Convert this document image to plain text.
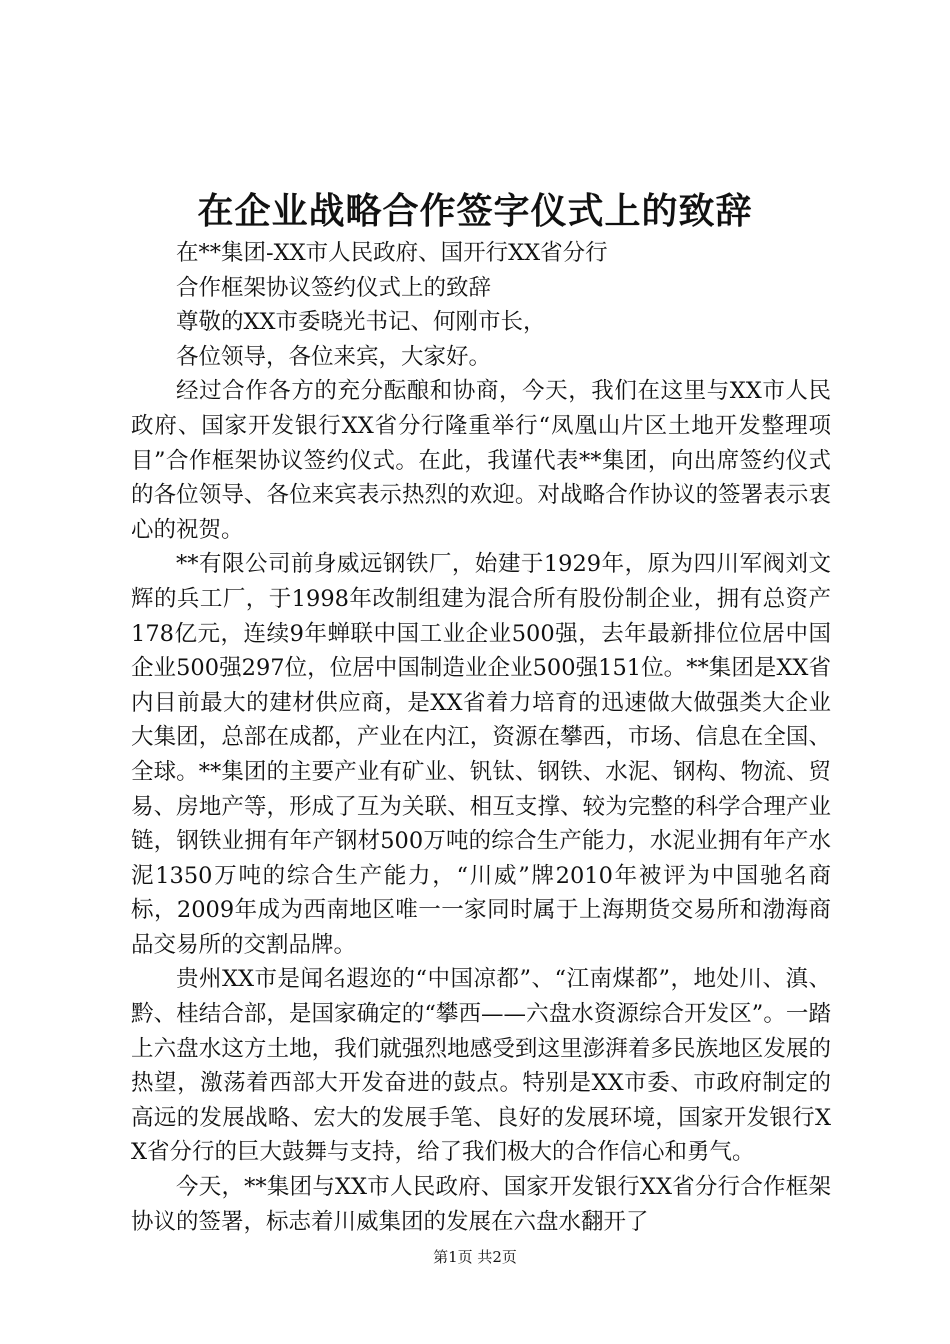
在企业战略合作签字仪式上的致辞

在**集团-XX市人民政府、国开行XX省分行

合作框架协议签约仪式上的致辞

尊敬的XX市委晓光书记、何刚市长，

各位领导，各位来宾，大家好。

经过合作各方的充分酝酿和协商，今天，我们在这里与XX市人民政府、国家开发银行XX省分行隆重举行“凤凰山片区土地开发整理项目”合作框架协议签约仪式。在此，我谨代表**集团，向出席签约仪式的各位领导、各位来宾表示热烈的欢迎。对战略合作协议的签署表示衷心的祝贺。

**有限公司前身威远钢铁厂，始建于1929年，原为四川军阀刘文辉的兵工厂，于1998年改制组建为混合所有股份制企业，拥有总资产178亿元，连续9年蝉联中国工业企业500强，去年最新排位位居中国企业500强297位，位居中国制造业企业500强151位。**集团是XX省内目前最大的建材供应商，是XX省着力培育的迅速做大做强类大企业大集团，总部在成都，产业在内江，资源在攀西，市场、信息在全国、全球。**集团的主要产业有矿业、钒钛、钢铁、水泥、钢构、物流、贸易、房地产等，形成了互为关联、相互支撑、较为完整的科学合理产业链，钢铁业拥有年产钢材500万吨的综合生产能力，水泥业拥有年产水泥1350万吨的综合生产能力，“川威”牌2010年被评为中国驰名商标，2009年成为西南地区唯一一家同时属于上海期货交易所和渤海商品交易所的交割品牌。

贵州XX市是闻名遐迩的“中国凉都”、“江南煤都”，地处川、滇、黔、桂结合部，是国家确定的“攀西——六盘水资源综合开发区”。一踏上六盘水这方土地，我们就强烈地感受到这里澎湃着多民族地区发展的热望，激荡着西部大开发奋进的鼓点。特别是XX市委、市政府制定的高远的发展战略、宏大的发展手笔、良好的发展环境，国家开发银行XX省分行的巨大鼓舞与支持，给了我们极大的合作信心和勇气。

今天，**集团与XX市人民政府、国家开发银行XX省分行合作框架协议的签署，标志着川威集团的发展在六盘水翻开了

第1页 共2页
